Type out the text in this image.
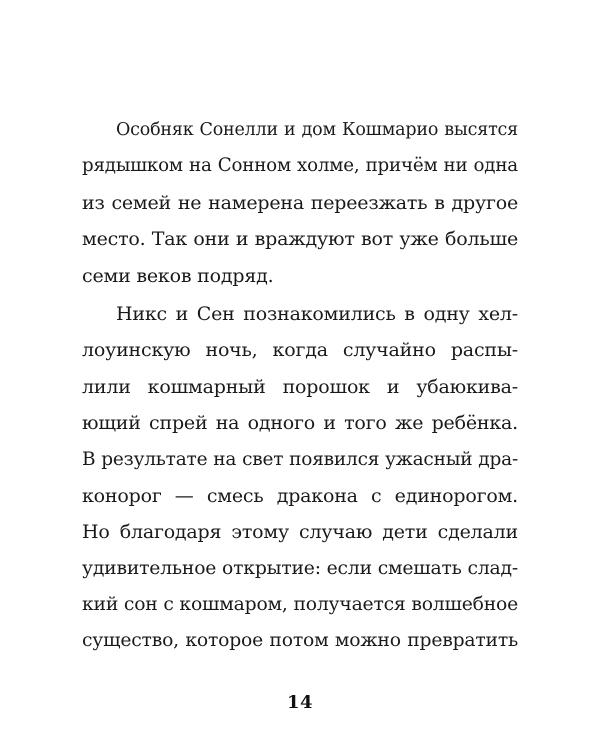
Особняк Сонелли и дом Кошмарио высятся
рядышком на Сонном холме, причём ни одна
из семей не намерена переезжать в другое
место. Так они и враждуют вот уже больше
семи веков подряд.
Никс и Сен познакомились в одну хел-
лоуинскую ночь, когда случайно распы-
лили кошмарный порошок и убаюкива-
ющий спрей на одного и того же ребёнка.
В результате на свет появился ужасный дра-
конорог — смесь дракона с единорогом.
Но благодаря этому случаю дети сделали
удивительное открытие: если смешать слад-
кий сон с кошмаром, получается волшебное
существо, которое потом можно превратить
14
